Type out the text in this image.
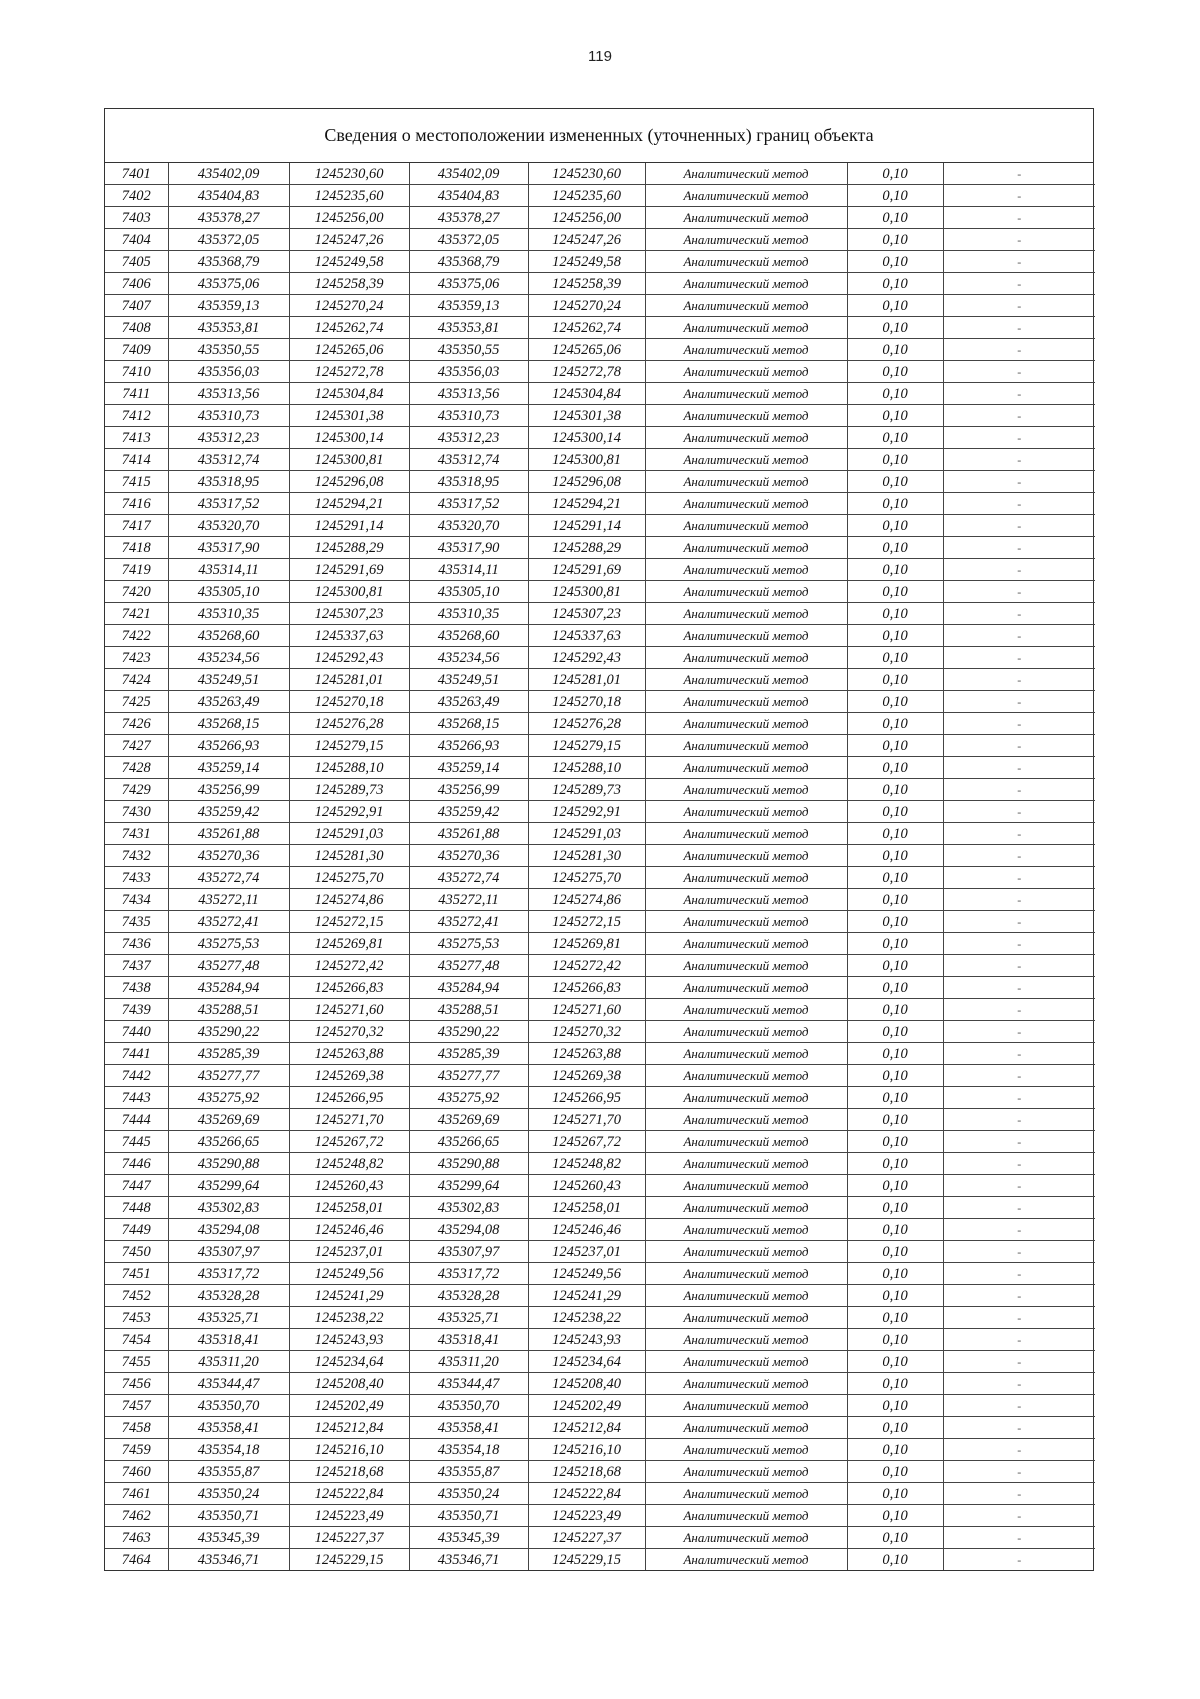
119
Сведения о местоположении измененных (уточненных) границ объекта
7401	435402,09	1245230,60	435402,09	1245230,60	Аналитический метод	0,10	-
7402	435404,83	1245235,60	435404,83	1245235,60	Аналитический метод	0,10	-
7403	435378,27	1245256,00	435378,27	1245256,00	Аналитический метод	0,10	-
7404	435372,05	1245247,26	435372,05	1245247,26	Аналитический метод	0,10	-
7405	435368,79	1245249,58	435368,79	1245249,58	Аналитический метод	0,10	-
7406	435375,06	1245258,39	435375,06	1245258,39	Аналитический метод	0,10	-
7407	435359,13	1245270,24	435359,13	1245270,24	Аналитический метод	0,10	-
7408	435353,81	1245262,74	435353,81	1245262,74	Аналитический метод	0,10	-
7409	435350,55	1245265,06	435350,55	1245265,06	Аналитический метод	0,10	-
7410	435356,03	1245272,78	435356,03	1245272,78	Аналитический метод	0,10	-
7411	435313,56	1245304,84	435313,56	1245304,84	Аналитический метод	0,10	-
7412	435310,73	1245301,38	435310,73	1245301,38	Аналитический метод	0,10	-
7413	435312,23	1245300,14	435312,23	1245300,14	Аналитический метод	0,10	-
7414	435312,74	1245300,81	435312,74	1245300,81	Аналитический метод	0,10	-
7415	435318,95	1245296,08	435318,95	1245296,08	Аналитический метод	0,10	-
7416	435317,52	1245294,21	435317,52	1245294,21	Аналитический метод	0,10	-
7417	435320,70	1245291,14	435320,70	1245291,14	Аналитический метод	0,10	-
7418	435317,90	1245288,29	435317,90	1245288,29	Аналитический метод	0,10	-
7419	435314,11	1245291,69	435314,11	1245291,69	Аналитический метод	0,10	-
7420	435305,10	1245300,81	435305,10	1245300,81	Аналитический метод	0,10	-
7421	435310,35	1245307,23	435310,35	1245307,23	Аналитический метод	0,10	-
7422	435268,60	1245337,63	435268,60	1245337,63	Аналитический метод	0,10	-
7423	435234,56	1245292,43	435234,56	1245292,43	Аналитический метод	0,10	-
7424	435249,51	1245281,01	435249,51	1245281,01	Аналитический метод	0,10	-
7425	435263,49	1245270,18	435263,49	1245270,18	Аналитический метод	0,10	-
7426	435268,15	1245276,28	435268,15	1245276,28	Аналитический метод	0,10	-
7427	435266,93	1245279,15	435266,93	1245279,15	Аналитический метод	0,10	-
7428	435259,14	1245288,10	435259,14	1245288,10	Аналитический метод	0,10	-
7429	435256,99	1245289,73	435256,99	1245289,73	Аналитический метод	0,10	-
7430	435259,42	1245292,91	435259,42	1245292,91	Аналитический метод	0,10	-
7431	435261,88	1245291,03	435261,88	1245291,03	Аналитический метод	0,10	-
7432	435270,36	1245281,30	435270,36	1245281,30	Аналитический метод	0,10	-
7433	435272,74	1245275,70	435272,74	1245275,70	Аналитический метод	0,10	-
7434	435272,11	1245274,86	435272,11	1245274,86	Аналитический метод	0,10	-
7435	435272,41	1245272,15	435272,41	1245272,15	Аналитический метод	0,10	-
7436	435275,53	1245269,81	435275,53	1245269,81	Аналитический метод	0,10	-
7437	435277,48	1245272,42	435277,48	1245272,42	Аналитический метод	0,10	-
7438	435284,94	1245266,83	435284,94	1245266,83	Аналитический метод	0,10	-
7439	435288,51	1245271,60	435288,51	1245271,60	Аналитический метод	0,10	-
7440	435290,22	1245270,32	435290,22	1245270,32	Аналитический метод	0,10	-
7441	435285,39	1245263,88	435285,39	1245263,88	Аналитический метод	0,10	-
7442	435277,77	1245269,38	435277,77	1245269,38	Аналитический метод	0,10	-
7443	435275,92	1245266,95	435275,92	1245266,95	Аналитический метод	0,10	-
7444	435269,69	1245271,70	435269,69	1245271,70	Аналитический метод	0,10	-
7445	435266,65	1245267,72	435266,65	1245267,72	Аналитический метод	0,10	-
7446	435290,88	1245248,82	435290,88	1245248,82	Аналитический метод	0,10	-
7447	435299,64	1245260,43	435299,64	1245260,43	Аналитический метод	0,10	-
7448	435302,83	1245258,01	435302,83	1245258,01	Аналитический метод	0,10	-
7449	435294,08	1245246,46	435294,08	1245246,46	Аналитический метод	0,10	-
7450	435307,97	1245237,01	435307,97	1245237,01	Аналитический метод	0,10	-
7451	435317,72	1245249,56	435317,72	1245249,56	Аналитический метод	0,10	-
7452	435328,28	1245241,29	435328,28	1245241,29	Аналитический метод	0,10	-
7453	435325,71	1245238,22	435325,71	1245238,22	Аналитический метод	0,10	-
7454	435318,41	1245243,93	435318,41	1245243,93	Аналитический метод	0,10	-
7455	435311,20	1245234,64	435311,20	1245234,64	Аналитический метод	0,10	-
7456	435344,47	1245208,40	435344,47	1245208,40	Аналитический метод	0,10	-
7457	435350,70	1245202,49	435350,70	1245202,49	Аналитический метод	0,10	-
7458	435358,41	1245212,84	435358,41	1245212,84	Аналитический метод	0,10	-
7459	435354,18	1245216,10	435354,18	1245216,10	Аналитический метод	0,10	-
7460	435355,87	1245218,68	435355,87	1245218,68	Аналитический метод	0,10	-
7461	435350,24	1245222,84	435350,24	1245222,84	Аналитический метод	0,10	-
7462	435350,71	1245223,49	435350,71	1245223,49	Аналитический метод	0,10	-
7463	435345,39	1245227,37	435345,39	1245227,37	Аналитический метод	0,10	-
7464	435346,71	1245229,15	435346,71	1245229,15	Аналитический метод	0,10	-
